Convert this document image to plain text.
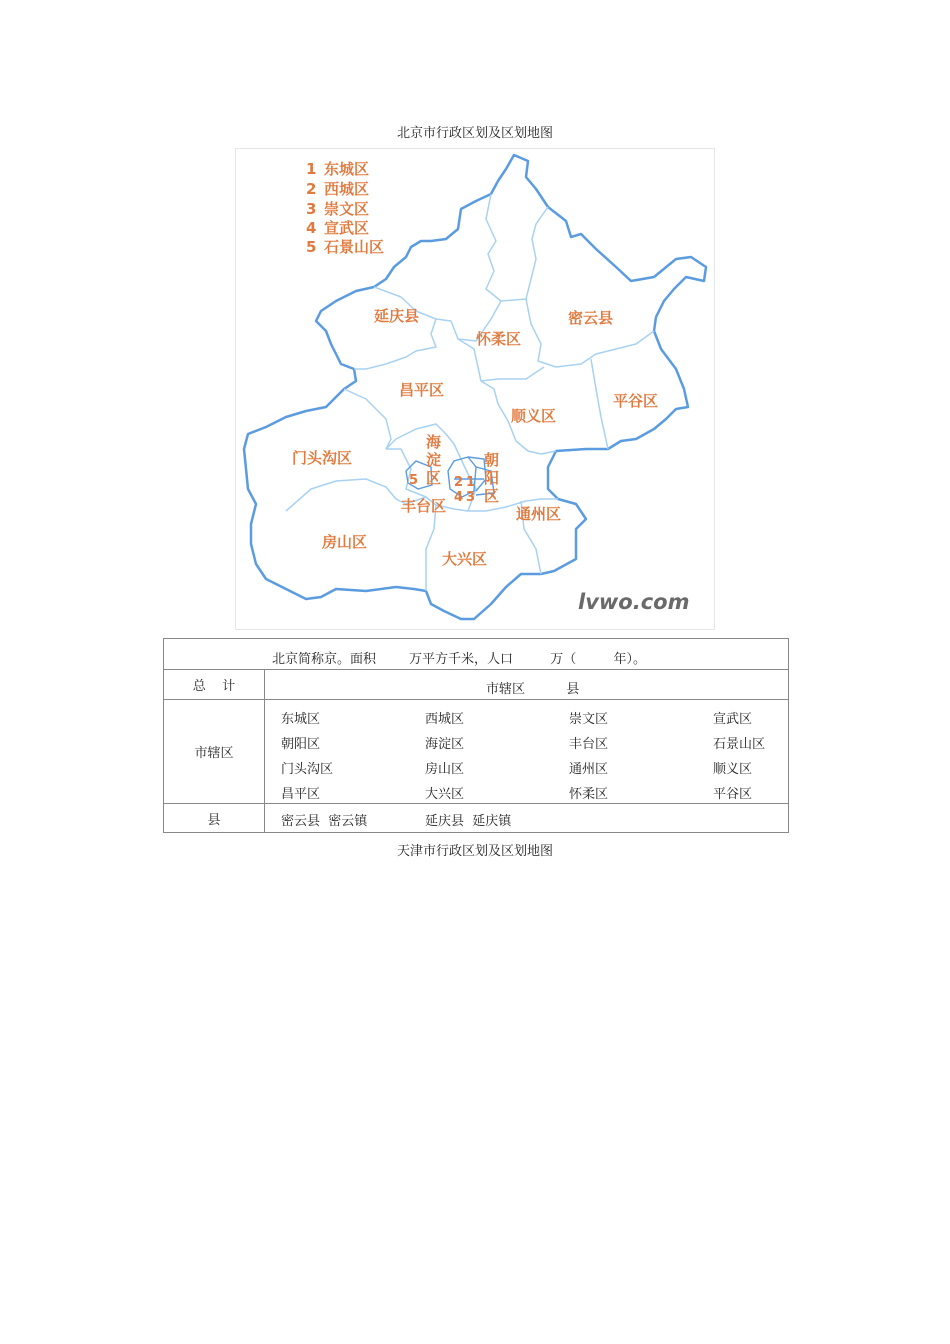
北京市行政区划及区划地图
1 东城区
2 西城区
3 崇文区
4 宣武区
5 石景山区
延庆县
怀柔区
密云县
昌平区
顺义区
平谷区
门头沟区
海
淀
区
朝
阳
区
丰台区	通州区
房山区
大兴区
5	2 1
4 3
lvwo.com
北京简称京。面积        万平方千米，人口         万（         年）。
总    计	市辖区          县
市辖区
东城区	西城区	崇文区	宣武区
朝阳区	海淀区	丰台区	石景山区
门头沟区	房山区	通州区	顺义区
昌平区	大兴区	怀柔区	平谷区
县	密云县  密云镇	延庆县  延庆镇
天津市行政区划及区划地图
